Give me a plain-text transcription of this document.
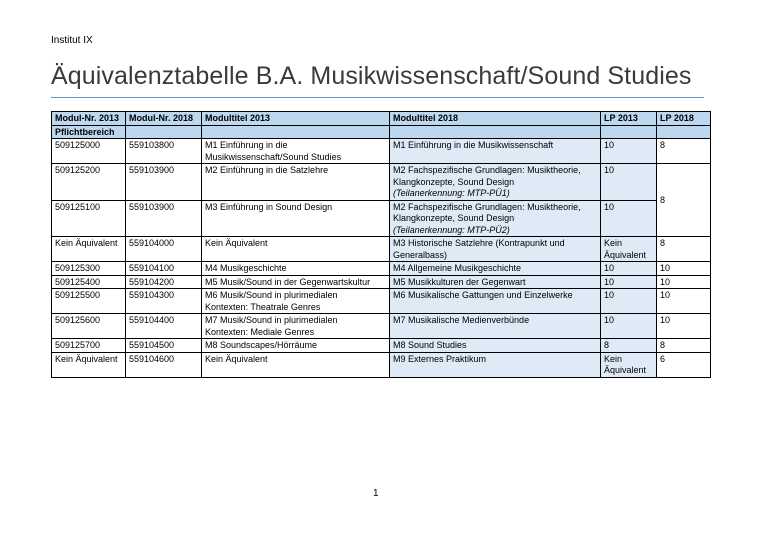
Institut IX
Äquivalenztabelle B.A. Musikwissenschaft/Sound Studies
Modul-Nr. 2013	Modul-Nr. 2018	Modultitel 2013	Modultitel 2018	LP 2013	LP 2018
Pflichtbereich					
509125000	559103800	M1 Einführung in die
Musikwissenschaft/Sound Studies	M1 Einführung in die Musikwissenschaft	10	8
509125200	559103900	M2 Einführung in die Satzlehre	M2 Fachspezifische Grundlagen: Musiktheorie,
Klangkonzepte, Sound Design
(Teilanerkennung: MTP-PÜ1)	10	8
509125100	559103900	M3 Einführung in Sound Design	M2 Fachspezifische Grundlagen: Musiktheorie,
Klangkonzepte, Sound Design
(Teilanerkennung: MTP-PÜ2)	10	
Kein Äquivalent	559104000	Kein Äquivalent	M3 Historische Satzlehre (Kontrapunkt und
Generalbass)	Kein
Äquivalent	8
509125300	559104100	M4 Musikgeschichte	M4 Allgemeine Musikgeschichte	10	10
509125400	559104200	M5 Musik/Sound in der Gegenwartskultur	M5 Musikkulturen der Gegenwart	10	10
509125500	559104300	M6 Musik/Sound in plurimedialen
Kontexten: Theatrale Genres	M6 Musikalische Gattungen und Einzelwerke	10	10
509125600	559104400	M7 Musik/Sound in plurimedialen
Kontexten: Mediale Genres	M7 Musikalische Medienverbünde	10	10
509125700	559104500	M8 Soundscapes/Hörräume	M8 Sound Studies	8	8
Kein Äquivalent	559104600	Kein Äquivalent	M9 Externes Praktikum	Kein
Äquivalent	6
1
